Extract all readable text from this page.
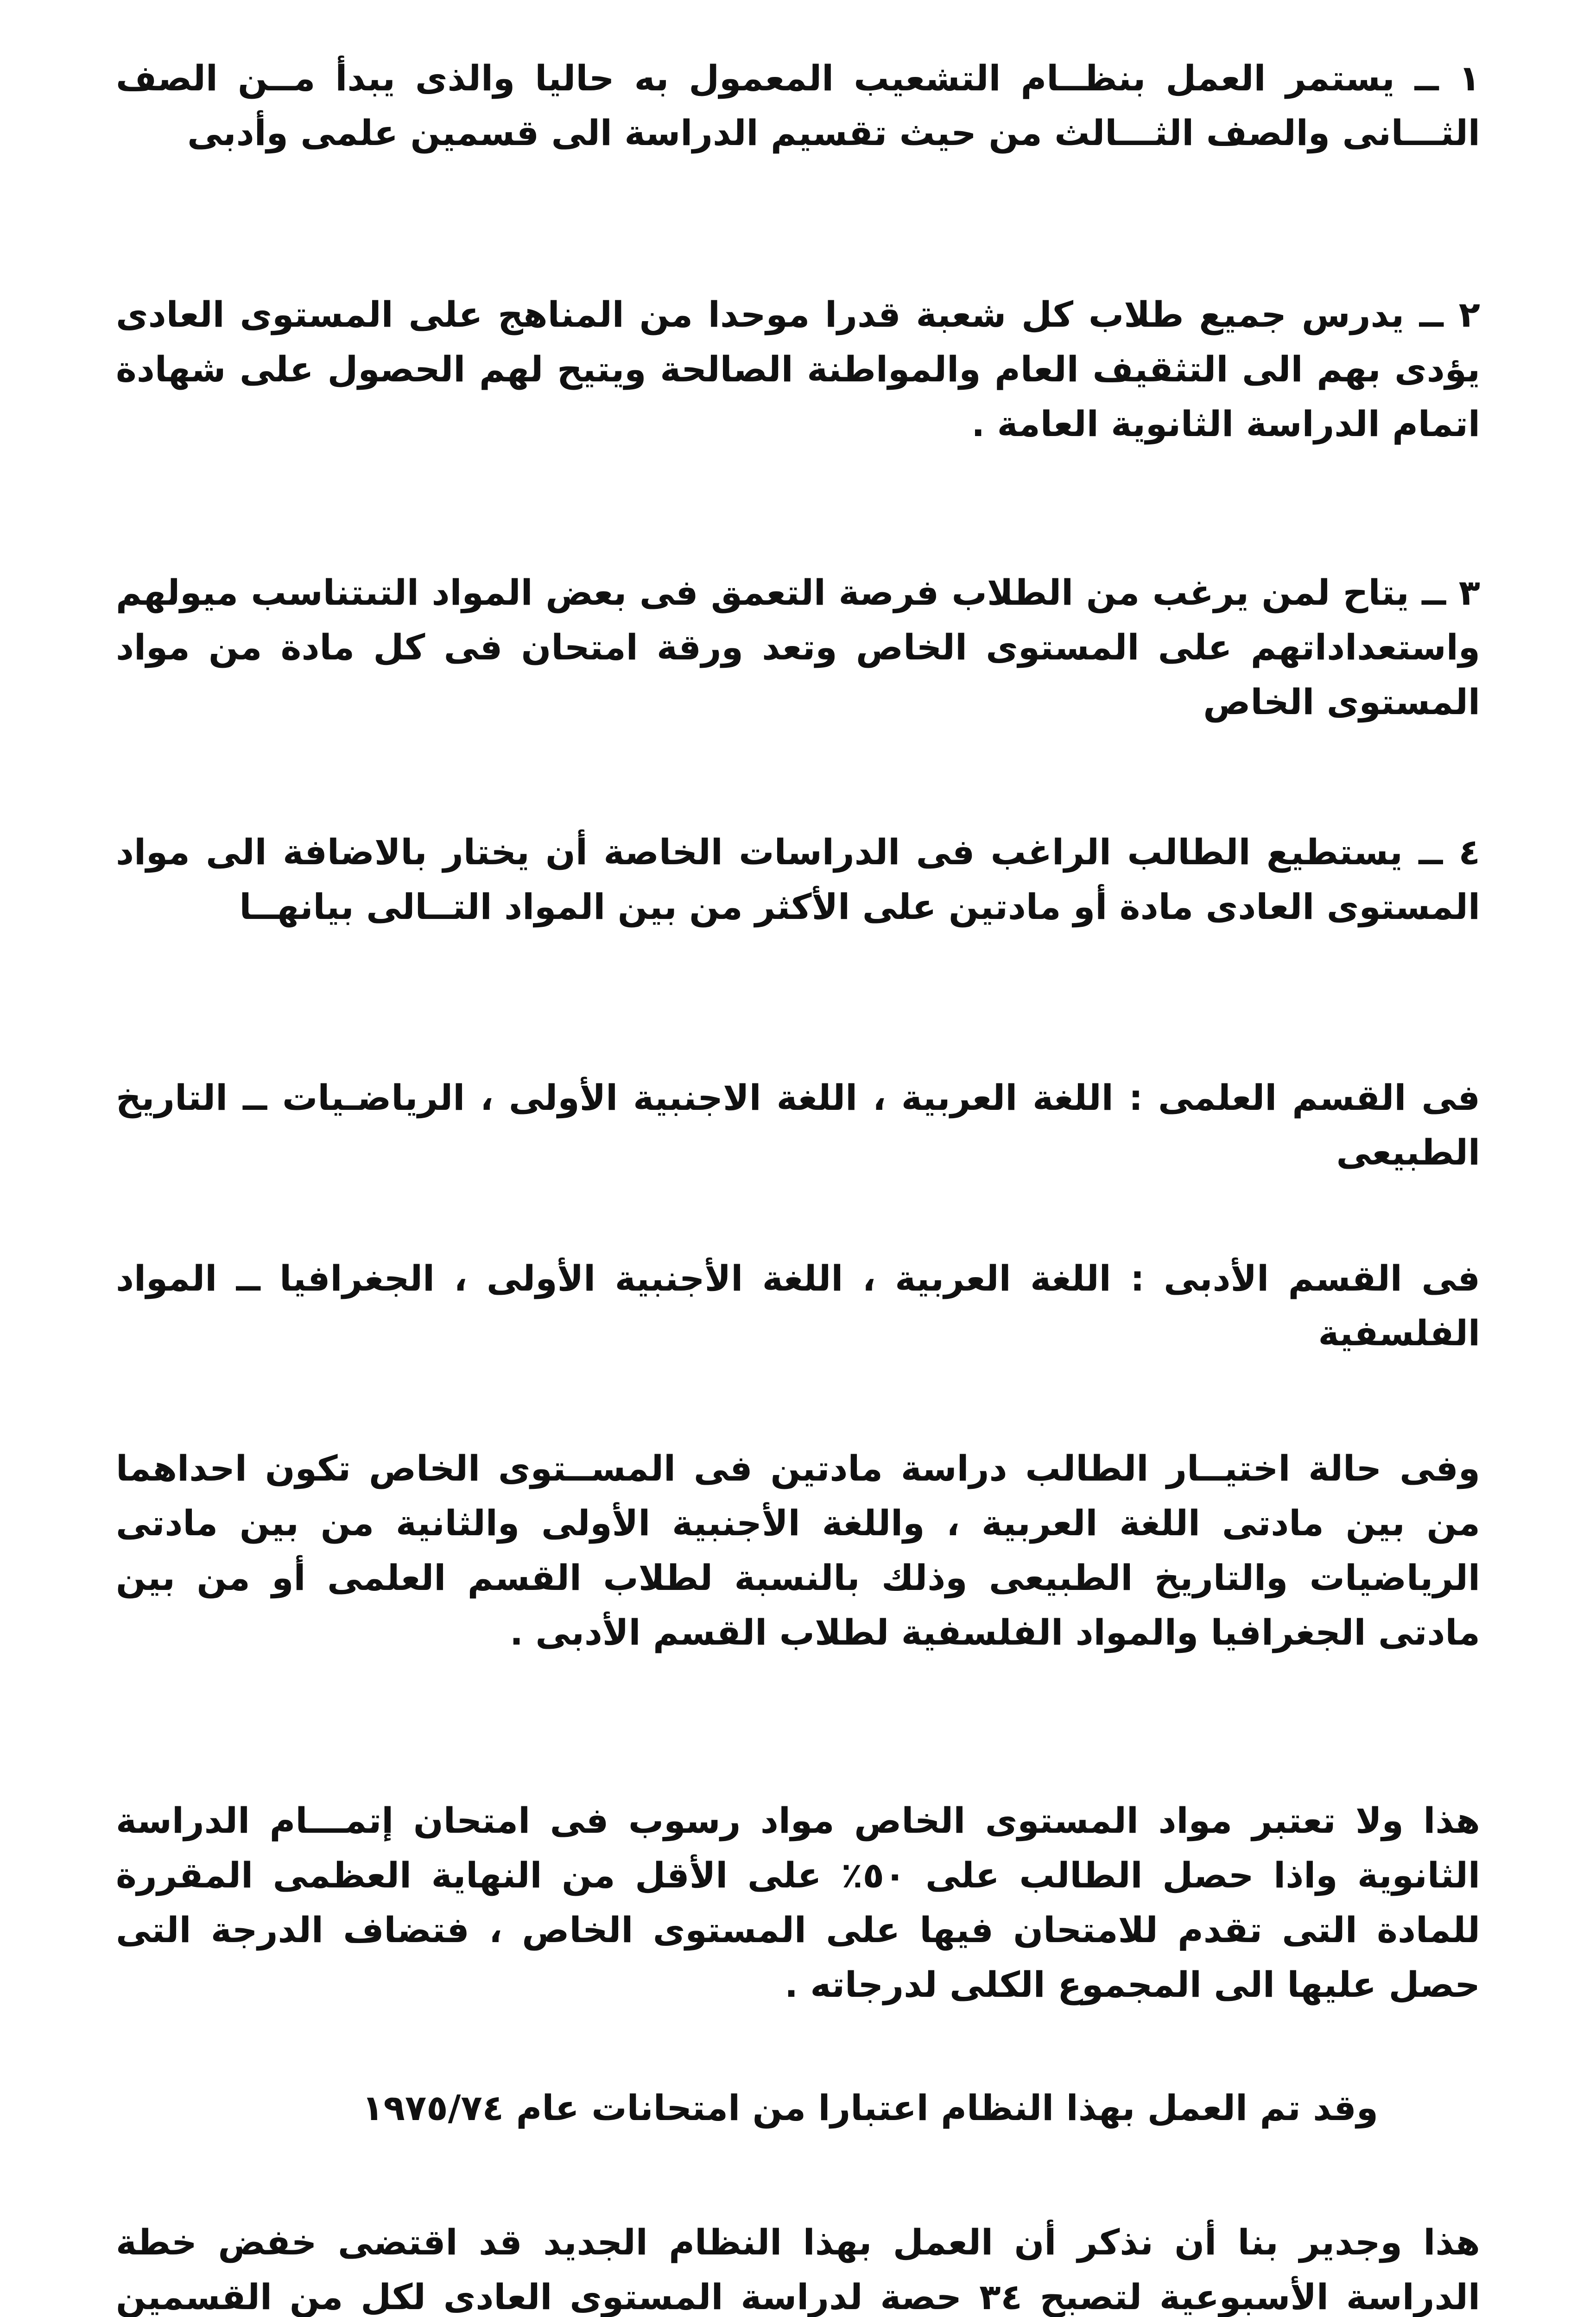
١ ــ يستمر العمل بنظــام التشعيب المعمول به حاليا والذى يبدأ مــن الصف الثـــانى والصف الثـــالث من حيث تقسيم الدراسة الى قسمين علمى وأدبى

٢ ــ يدرس جميع طلاب كل شعبة قدرا موحدا من المناهج على المستوى العادى يؤدى بهم الى التثقيف العام والمواطنة الصالحة ويتيح لهم الحصول على شهادة اتمام الدراسة الثانوية العامة .

٣ ــ يتاح لمن يرغب من الطلاب فرصة التعمق فى بعض المواد التىتناسب ميولهم واستعداداتهم على المستوى الخاص وتعد ورقة امتحان فى كل مادة من مواد المستوى الخاص

٤ ــ يستطيع الطالب الراغب فى الدراسات الخاصة أن يختار بالاضافة الى مواد المستوى العادى مادة أو مادتين على الأكثر من بين المواد التــالى بيانهــا

فى القسم العلمى : اللغة العربية ، اللغة الاجنبية الأولى ، الرياضـيات ــ التاريخ الطبيعى

فى القسم الأدبى : اللغة العربية ، اللغة الأجنبية الأولى ، الجغرافيا ــ المواد الفلسفية

وفى حالة اختيــار الطالب دراسة مادتين فى المســتوى الخاص تكون احداهما من بين مادتى اللغة العربية ، واللغة الأجنبية الأولى والثانية من بين مادتى الرياضيات والتاريخ الطبيعى وذلك بالنسبة لطلاب القسم العلمى أو من بين مادتى الجغرافيا والمواد الفلسفية لطلاب القسم الأدبى .

هذا ولا تعتبر مواد المستوى الخاص مواد رسوب فى امتحان إتمـــام الدراسة الثانوية واذا حصل الطالب على ٥٠٪ على الأقل من النهاية العظمى المقررة للمادة التى تقدم للامتحان فيها على المستوى الخاص ، فتضاف الدرجة التى حصل عليها الى المجموع الكلى لدرجاته .

وقد تم العمل بهذا النظام اعتبارا من امتحانات عام ١٩٧٥/٧٤

هذا وجدير بنا أن نذكر أن العمل بهذا النظام الجديد قد اقتضى خفض خطة الدراسة الأسبوعية لتصبح ٣٤ حصة لدراسة المستوى العادى لكل من القسمين
